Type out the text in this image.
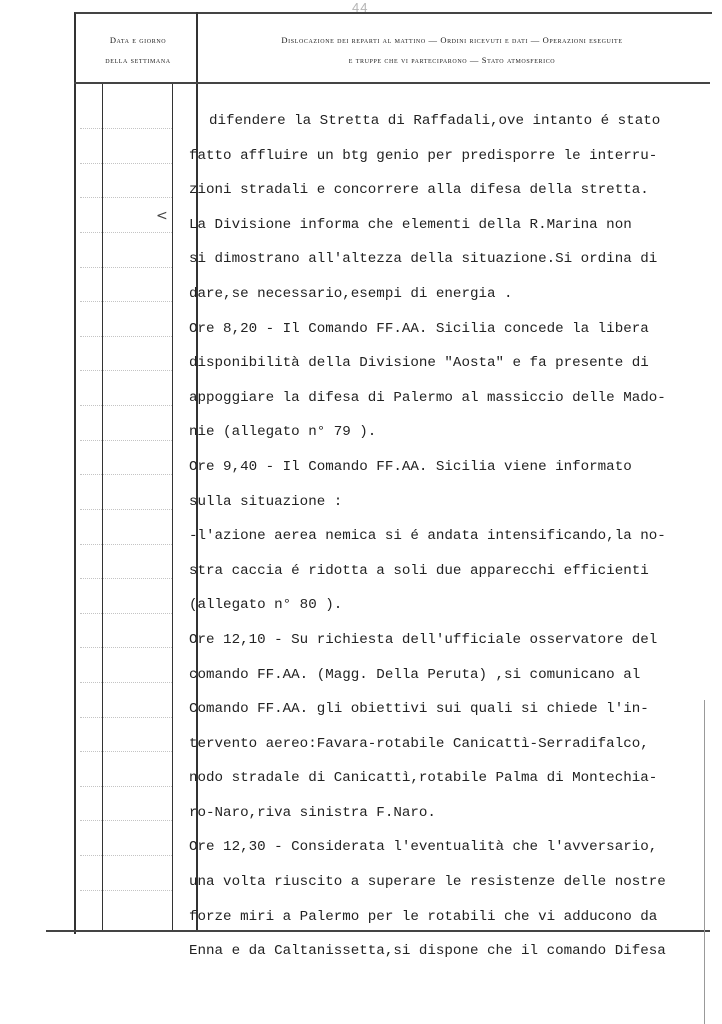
44
Data e giorno
della settimana
Dislocazione dei reparti al mattino — Ordini ricevuti e dati — Operazioni eseguite
e truppe che vi parteciparono — Stato atmosferico
<
difendere la Stretta di Raffadali,ove intanto é stato
fatto affluire un btg genio per predisporre le interru-
zioni stradali e concorrere alla difesa della stretta.
La Divisione informa che elementi della R.Marina non
si dimostrano all'altezza della situazione.Si ordina di
dare,se necessario,esempi di energia .
Ore 8,20 - Il Comando FF.AA. Sicilia concede la libera
disponibilità della Divisione "Aosta" e fa presente di
appoggiare la difesa di Palermo al massiccio delle Mado-
nie (allegato n° 79 ).
Ore 9,40 - Il Comando FF.AA. Sicilia viene informato
sulla situazione :
-l'azione aerea nemica si é andata intensificando,la no-
stra caccia é ridotta a soli due apparecchi efficienti
(allegato n° 80 ).
Ore 12,10 - Su richiesta dell'ufficiale osservatore del
comando FF.AA. (Magg. Della Peruta) ,si comunicano al
Comando FF.AA. gli obiettivi sui quali si chiede l'in-
tervento aereo:Favara-rotabile Canicattì-Serradifalco,
nodo stradale di Canicattì,rotabile Palma di Montechia-
ro-Naro,riva sinistra F.Naro.
Ore 12,30 - Considerata l'eventualità che l'avversario,
una volta riuscito a superare le resistenze delle nostre
forze miri a Palermo per le rotabili che vi adducono da
Enna e da Caltanissetta,si dispone che il comando Difesa
